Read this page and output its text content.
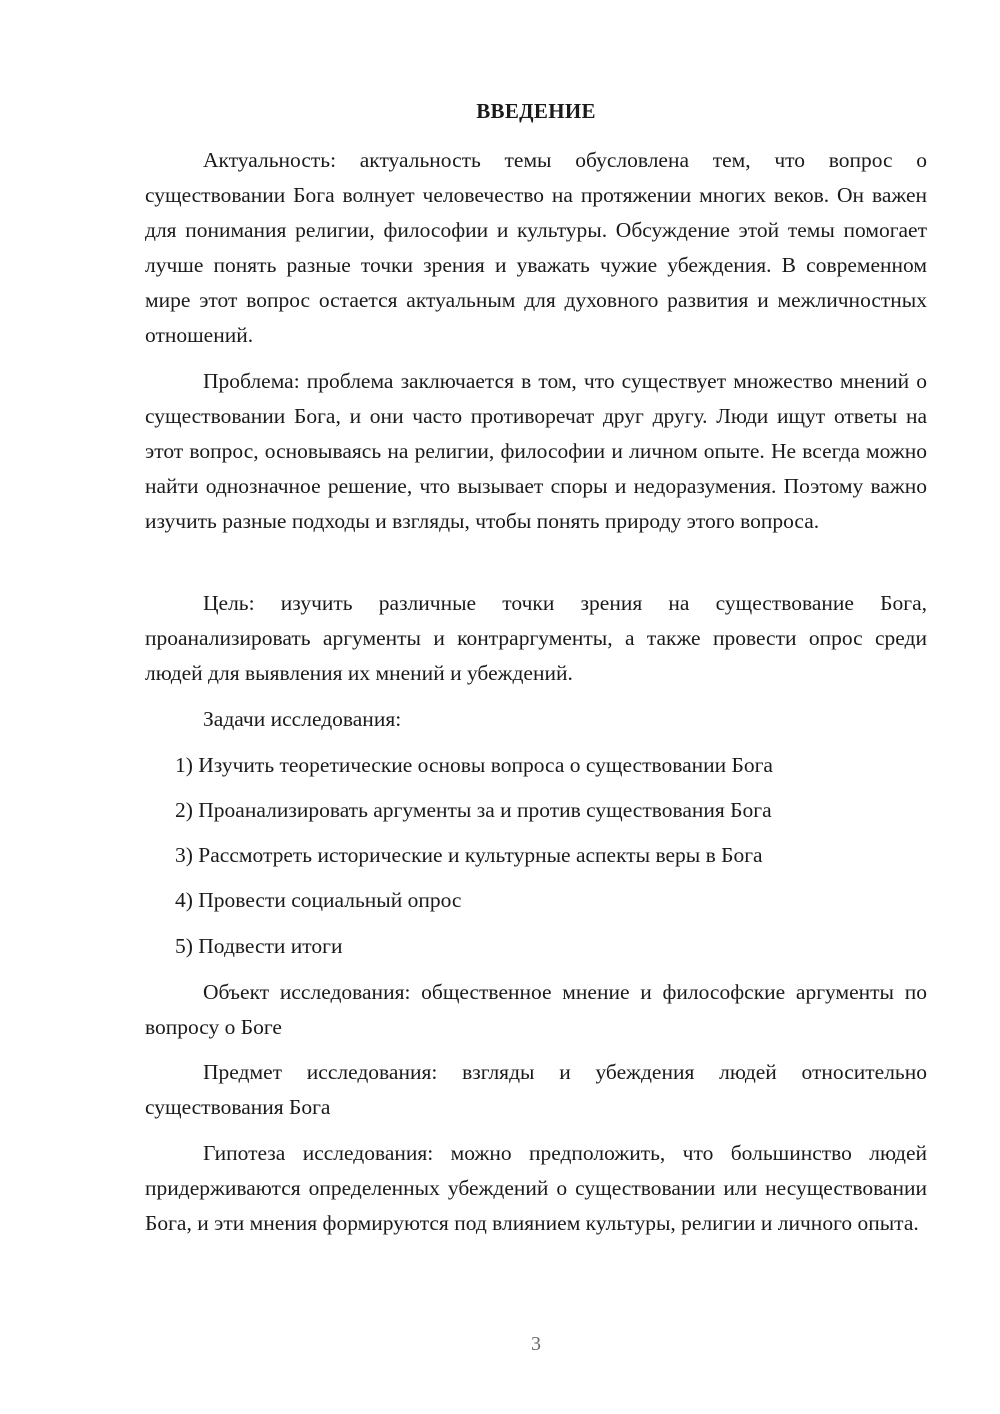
ВВЕДЕНИЕ

Актуальность: актуальность темы обусловлена тем, что вопрос о существовании Бога волнует человечество на протяжении многих веков. Он важен для понимания религии, философии и культуры. Обсуждение этой темы помогает лучше понять разные точки зрения и уважать чужие убеждения. В современном мире этот вопрос остается актуальным для духовного развития и межличностных отношений.

Проблема: проблема заключается в том, что существует множество мнений о существовании Бога, и они часто противоречат друг другу. Люди ищут ответы на этот вопрос, основываясь на религии, философии и личном опыте. Не всегда можно найти однозначное решение, что вызывает споры и недоразумения. Поэтому важно изучить разные подходы и взгляды, чтобы понять природу этого вопроса.

Цель: изучить различные точки зрения на существование Бога, проанализировать аргументы и контраргументы, а также провести опрос среди людей для выявления их мнений и убеждений.

Задачи исследования:

1) Изучить теоретические основы вопроса о существовании Бога

2) Проанализировать аргументы за и против существования Бога

3) Рассмотреть исторические и культурные аспекты веры в Бога

4) Провести социальный опрос

5) Подвести итоги

Объект исследования: общественное мнение и философские аргументы по вопросу о Боге

Предмет исследования: взгляды и убеждения людей относительно существования Бога

Гипотеза исследования: можно предположить, что большинство людей придерживаются определенных убеждений о существовании или несуществовании Бога, и эти мнения формируются под влиянием культуры, религии и личного опыта.

3
